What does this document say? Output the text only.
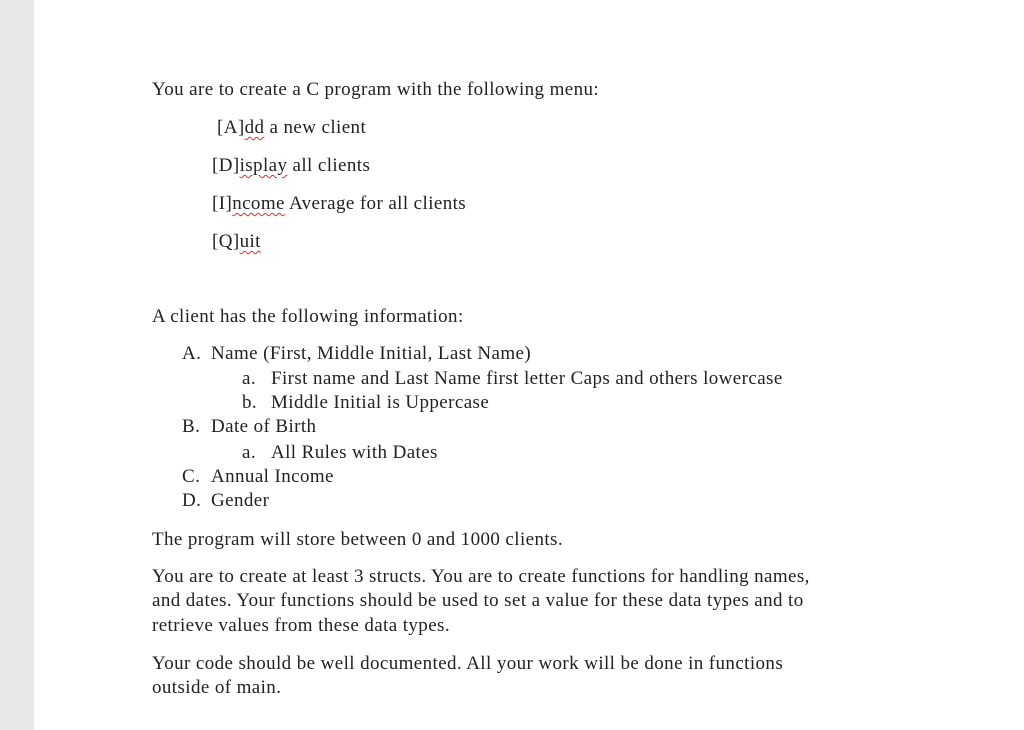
You are to create a C program with the following menu:
[A]dd a new client
[D]isplay all clients
[I]ncome Average for all clients
[Q]uit
A client has the following information:
A. Name (First, Middle Initial, Last Name)
a. First name and Last Name first letter Caps and others lowercase
b. Middle Initial is Uppercase
B. Date of Birth
a. All Rules with Dates
C. Annual Income
D. Gender
The program will store between 0 and 1000 clients.
You are to create at least 3 structs. You are to create functions for handling names,
and dates. Your functions should be used to set a value for these data types and to
retrieve values from these data types.
Your code should be well documented. All your work will be done in functions
outside of main.
